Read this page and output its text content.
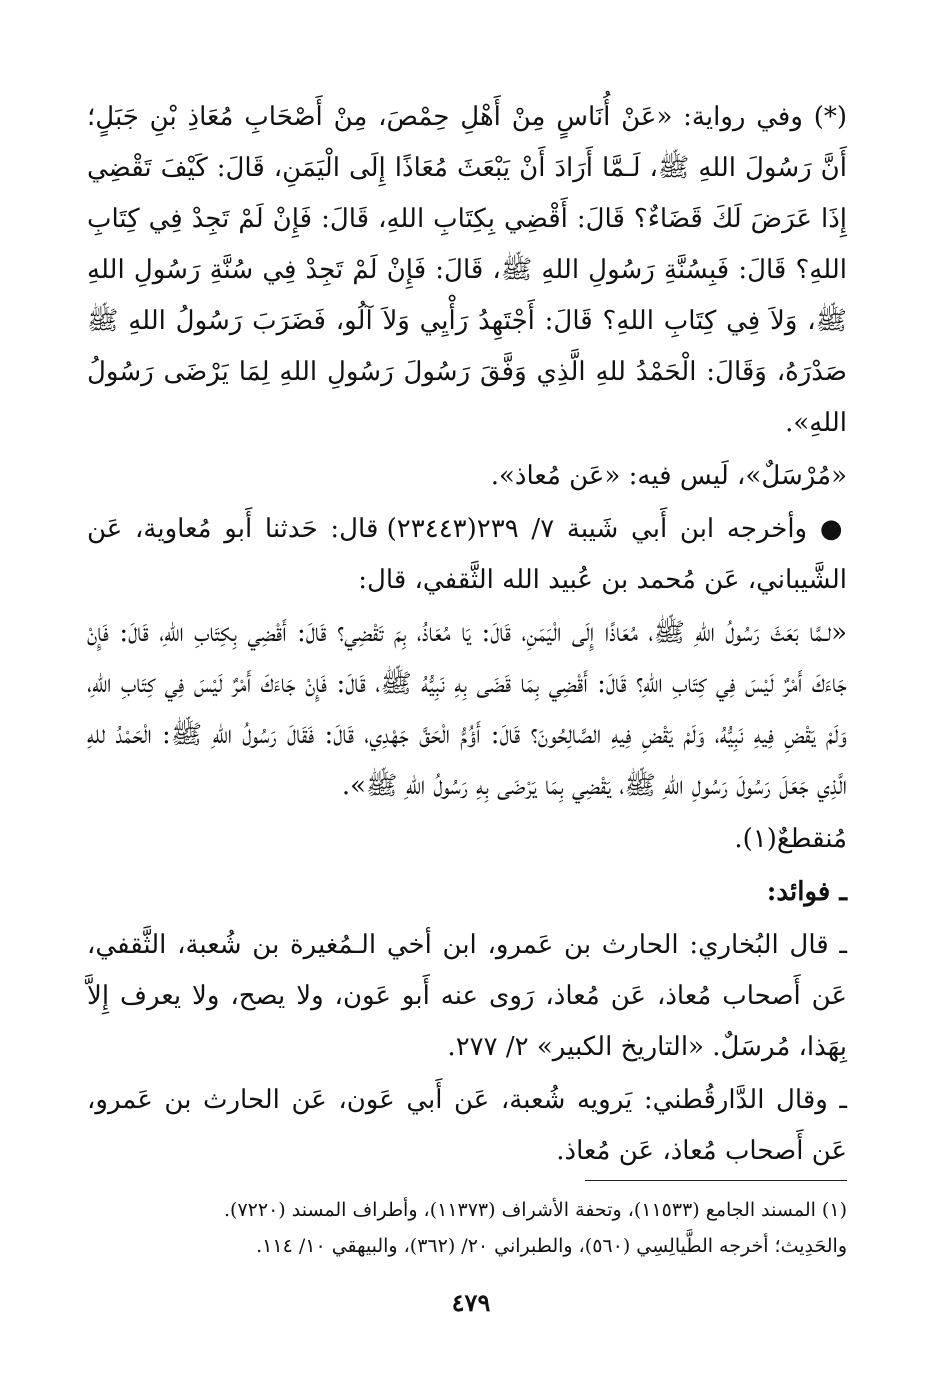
(*) وفي رواية: «عَنْ أُنَاسٍ مِنْ أَهْلِ حِمْصَ، مِنْ أَصْحَابِ مُعَاذِ بْنِ جَبَلٍ؛ أَنَّ رَسُولَ اللهِ ﷺ، لَـمَّا أَرَادَ أَنْ يَبْعَثَ مُعَاذًا إِلَى الْيَمَنِ، قَالَ: كَيْفَ تَقْضِي إِذَا عَرَضَ لَكَ قَضَاءٌ؟ قَالَ: أَقْضِي بِكِتَابِ اللهِ، قَالَ: فَإِنْ لَمْ تَجِدْ فِي كِتَابِ اللهِ؟ قَالَ: فَبِسُنَّةِ رَسُولِ اللهِ ﷺ، قَالَ: فَإِنْ لَمْ تَجِدْ فِي سُنَّةِ رَسُولِ اللهِ ﷺ، وَلاَ فِي كِتَابِ اللهِ؟ قَالَ: أَجْتَهِدُ رَأْيِي وَلاَ آلُو، فَضَرَبَ رَسُولُ اللهِ ﷺ صَدْرَهُ، وَقَالَ: الْحَمْدُ للهِ الَّذِي وَفَّقَ رَسُولَ رَسُولِ اللهِ لِمَا يَرْضَى رَسُولُ اللهِ».

«مُرْسَلٌ»، لَيس فيه: «عَن مُعاذ».

● وأخرجه ابن أَبي شَيبة ٧/ ٢٣٩(٢٣٤٤٣) قال: حَدثنا أَبو مُعاوية، عَن الشَّيباني، عَن مُحمد بن عُبيد الله الثَّقفي، قال:

«لـمَّا بَعَثَ رَسُولُ اللهِ ﷺ، مُعَاذًا إِلَى الْيَمَنِ، قَالَ: يَا مُعَاذُ، بِمَ تَقْضِي؟ قَالَ: أَقْضِي بِكِتَابِ اللهِ، قَالَ: فَإِنْ جَاءَكَ أَمْرٌ لَيْسَ فِي كِتَابِ اللهِ؟ قَالَ: أَقْضِي بِمَا قَضَى بِهِ نَبِيُّهُ ﷺ، قَالَ: فَإِنْ جَاءَكَ أَمْرٌ لَيْسَ فِي كِتَابِ اللهِ، وَلَمْ يَقْضِ فِيهِ نَبِيُّهُ، وَلَمْ يَقْضِ فِيهِ الصَّالِحُونَ؟ قَالَ: أَؤُمُّ الْحَقَّ جَهْدِي، قَالَ: فَقَالَ رَسُولُ اللهِ ﷺ: الْحَمْدُ للهِ الَّذِي جَعَلَ رَسُولَ رَسُولِ اللهِ ﷺ، يَقْضِي بِمَا يَرْضَى بِهِ رَسُولُ اللهِ ﷺ».

مُنقطعٌ(١).

ـ فوائد:

ـ قال البُخاري: الحارث بن عَمرو، ابن أخي الـمُغيرة بن شُعبة، الثَّقفي، عَن أَصحاب مُعاذ، عَن مُعاذ، رَوى عنه أَبو عَون، ولا يصح، ولا يعرف إِلاَّ بِهَذا، مُرسَلٌ. «التاريخ الكبير» ٢/ ٢٧٧.

ـ وقال الدَّارقُطني: يَرويه شُعبة، عَن أَبي عَون، عَن الحارث بن عَمرو، عَن أَصحاب مُعاذ، عَن مُعاذ.

(١) المسند الجامع (١١٥٣٣)، وتحفة الأشراف (١١٣٧٣)، وأطراف المسند (٧٢٢٠).

والحَدِيث؛ أخرجه الطَّيالِسِي (٥٦٠)، والطبراني ٢٠/ (٣٦٢)، والبيهقي ١٠/ ١١٤.

٤٧٩
